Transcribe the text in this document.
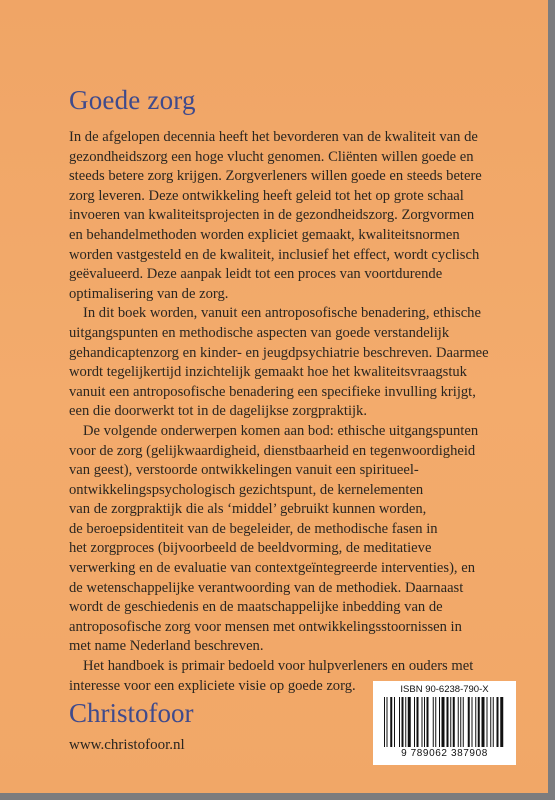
Goede zorg

In de afgelopen decennia heeft het bevorderen van de kwaliteit van de
gezondheidszorg een hoge vlucht genomen. Cliënten willen goede en
steeds betere zorg krijgen. Zorgverleners willen goede en steeds betere
zorg leveren. Deze ontwikkeling heeft geleid tot het op grote schaal
invoeren van kwaliteitsprojecten in de gezondheidszorg. Zorgvormen
en behandelmethoden worden expliciet gemaakt, kwaliteitsnormen
worden vastgesteld en de kwaliteit, inclusief het effect, wordt cyclisch
geëvalueerd. Deze aanpak leidt tot een proces van voortdurende
optimalisering van de zorg.

In dit boek worden, vanuit een antroposofische benadering, ethische
uitgangspunten en methodische aspecten van goede verstandelijk
gehandicaptenzorg en kinder- en jeugdpsychiatrie beschreven. Daarmee
wordt tegelijkertijd inzichtelijk gemaakt hoe het kwaliteitsvraagstuk
vanuit een antroposofische benadering een specifieke invulling krijgt,
een die doorwerkt tot in de dagelijkse zorgpraktijk.

De volgende onderwerpen komen aan bod: ethische uitgangspunten
voor de zorg (gelijkwaardigheid, dienstbaarheid en tegenwoordigheid
van geest), verstoorde ontwikkelingen vanuit een spiritueel-
ontwikkelingspsychologisch gezichtspunt, de kernelementen
van de zorgpraktijk die als ‘middel’ gebruikt kunnen worden,
de beroepsidentiteit van de begeleider, de methodische fasen in
het zorgproces (bijvoorbeeld de beeldvorming, de meditatieve
verwerking en de evaluatie van contextgeïntegreerde interventies), en
de wetenschappelijke verantwoording van de methodiek. Daarnaast
wordt de geschiedenis en de maatschappelijke inbedding van de
antroposofische zorg voor mensen met ontwikkelingsstoornissen in
met name Nederland beschreven.

Het handboek is primair bedoeld voor hulpverleners en ouders met
interesse voor een expliciete visie op goede zorg.

Christofoor
www.christofoor.nl
ISBN 90-6238-790-X
9 789062 387908
